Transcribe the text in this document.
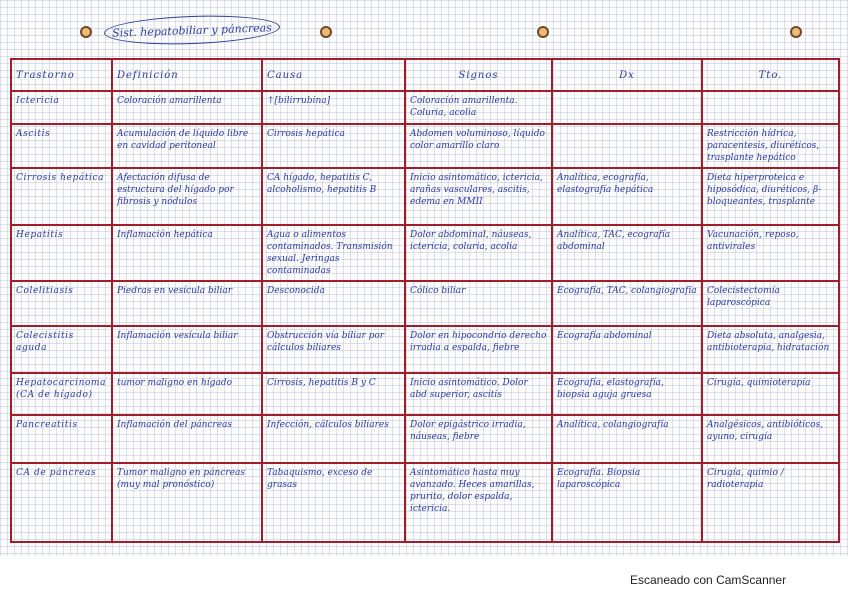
Sist. hepatobiliar y páncreas
Trastorno	Definición	Causa	Signos	Dx	Tto.
Ictericia	Coloración amarillenta	↑[bilirrubina]	Coloración amarillenta. Coluria, acolia		
Ascitis	Acumulación de líquido libre en cavidad peritoneal	Cirrosis hepática	Abdomen voluminoso, líquido color amarillo claro		Restricción hídrica, paracentesis, diuréticos, trasplante hepático
Cirrosis hepática	Afectación difusa de estructura del hígado por fibrosis y nódulos	CA hígado, hepatitis C, alcoholismo, hepatitis B	Inicio asintomático, ictericia, arañas vasculares, ascitis, edema en MMII	Analítica, ecografía, elastografía hepática	Dieta hiperproteica e hiposódica, diuréticos, β-bloqueantes, trasplante
Hepatitis	Inflamación hepática	Agua o alimentos contaminados. Transmisión sexual. Jeringas contaminadas	Dolor abdominal, náuseas, ictericia, coluria, acolia	Analítica, TAC, ecografía abdominal	Vacunación, reposo, antivirales
Colelitiasis	Piedras en vesícula biliar	Desconocida	Cólico biliar	Ecografía, TAC, colangiografía	Colecistectomía laparoscópica
Colecistitis aguda	Inflamación vesícula biliar	Obstrucción vía biliar por cálculos biliares	Dolor en hipocondrio derecho irradia a espalda, fiebre	Ecografía abdominal	Dieta absoluta, analgesia, antibioterapia, hidratación
Hepatocarcinoma (CA de hígado)	tumor maligno en hígado	Cirrosis, hepatitis B y C	Inicio asintomático. Dolor abd superior, ascitis	Ecografía, elastografía, biopsia aguja gruesa	Cirugía, quimioterapia
Pancreatitis	Inflamación del páncreas	Infección, cálculos biliares	Dolor epigástrico irradia, náuseas, fiebre	Analítica, colangiografía	Analgésicos, antibióticos, ayuno, cirugía
CA de páncreas	Tumor maligno en páncreas (muy mal pronóstico)	Tabaquismo, exceso de grasas	Asintomático hasta muy avanzado. Heces amarillas, prurito, dolor espalda, ictericia.	Ecografía. Biopsia laparoscópica	Cirugía, quimio / radioterapia
Escaneado con CamScanner
